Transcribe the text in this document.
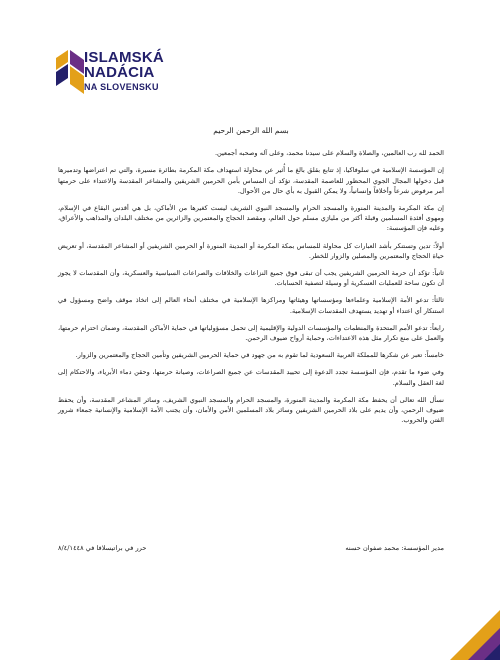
ISLAMSKÁ
NADÁCIA
NA SLOVENSKU
بسم الله الرحمن الرحيم

الحمد لله رب العالمين، والصلاة والسلام على سيدنا محمد، وعلى آله وصحبه أجمعين.

إن المؤسسة الإسلامية في سلوفاكيا، إذ تتابع بقلق بالغ ما أُثير عن محاولة استهداف مكة المكرمة بطائرة مسيرة، والتي تم اعتراضها وتدميرها قبل دخولها المجال الجوي المحظور للعاصمة المقدسة، تؤكد أن المساس بأمن الحرمين الشريفين والمشاعر المقدسة والاعتداء على حرمتها أمر مرفوض شرعاً وأخلاقاً وإنسانياً، ولا يمكن القبول به بأي حال من الأحوال.

إن مكة المكرمة والمدينة المنورة والمسجد الحرام والمسجد النبوي الشريف ليست كغيرها من الأماكن، بل هي أقدس البقاع في الإسلام، ومهوى أفئدة المسلمين وقبلة أكثر من مليارَي مسلم حول العالم، ومقصد الحجاج والمعتمرين والزائرين من مختلف البلدان والمذاهب والأعراق، وعليه فإن المؤسسة:

أولاً: تدين وتستنكر بأشد العبارات كل محاولة للمساس بمكة المكرمة أو المدينة المنورة أو الحرمين الشريفين أو المشاعر المقدسة، أو تعريض حياة الحجاج والمعتمرين والمصلين والزوار للخطر.

ثانياً: تؤكد أن حرمة الحرمين الشريفين يجب أن تبقى فوق جميع النزاعات والخلافات والصراعات السياسية والعسكرية، وأن المقدسات لا يجوز أن تكون ساحة للعمليات العسكرية أو وسيلة لتصفية الحسابات.

ثالثاً: تدعو الأمة الإسلامية وعلماءها ومؤسساتها وهيئاتها ومراكزها الإسلامية في مختلف أنحاء العالم إلى اتخاذ موقف واضح ومسؤول في استنكار أي اعتداء أو تهديد يستهدف المقدسات الإسلامية.

رابعاً: تدعو الأمم المتحدة والمنظمات والمؤسسات الدولية والإقليمية إلى تحمل مسؤولياتها في حماية الأماكن المقدسة، وضمان احترام حرمتها، والعمل على منع تكرار مثل هذه الاعتداءات، وحماية أرواح ضيوف الرحمن.

خامساً: تعبر عن شكرها للمملكة العربية السعودية لما تقوم به من جهود في حماية الحرمين الشريفين وتأمين الحجاج والمعتمرين والزوار.

وفي ضوء ما تقدم، فإن المؤسسة تجدد الدعوة إلى تحييد المقدسات عن جميع الصراعات، وصيانة حرمتها، وحقن دماء الأبرياء، والاحتكام إلى لغة العقل والسلام.

نسأل الله تعالى أن يحفظ مكة المكرمة والمدينة المنورة، والمسجد الحرام والمسجد النبوي الشريف، وسائر المشاعر المقدسة، وأن يحفظ ضيوف الرحمن، وأن يديم على بلاد الحرمين الشريفين وسائر بلاد المسلمين الأمن والأمان، وأن يجنب الأمة الإسلامية والإنسانية جمعاء شرور الفتن والحروب.

مدير المؤسسة: محمد صفوان حسنه
حرر في براتيسلافا في ٨/٤/١٤٤٨
